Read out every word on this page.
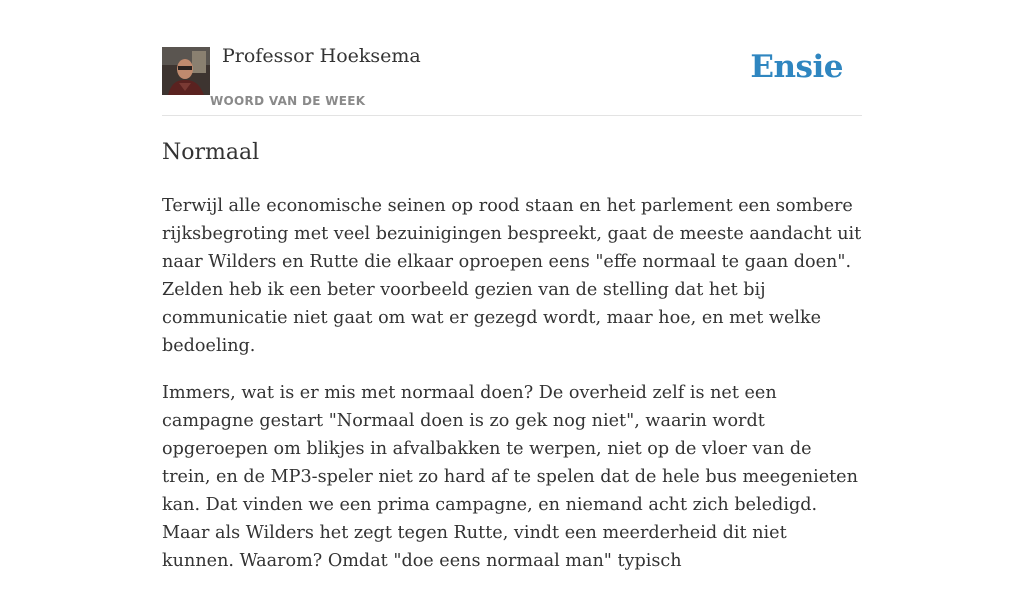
Professor Hoeksema
WOORD VAN DE WEEK
Ensie
Normaal

Terwijl alle economische seinen op rood staan en het parlement een sombere rijksbegroting met veel bezuinigingen bespreekt, gaat de meeste aandacht uit naar Wilders en Rutte die elkaar oproepen eens "effe normaal te gaan doen". Zelden heb ik een beter voorbeeld gezien van de stelling dat het bij communicatie niet gaat om wat er gezegd wordt, maar hoe, en met welke bedoeling.

Immers, wat is er mis met normaal doen? De overheid zelf is net een campagne gestart "Normaal doen is zo gek nog niet", waarin wordt opgeroepen om blikjes in afvalbakken te werpen, niet op de vloer van de trein, en de MP3-speler niet zo hard af te spelen dat de hele bus meegenieten kan. Dat vinden we een prima campagne, en niemand acht zich beledigd. Maar als Wilders het zegt tegen Rutte, vindt een meerderheid dit niet kunnen. Waarom? Omdat "doe eens normaal man" typisch
